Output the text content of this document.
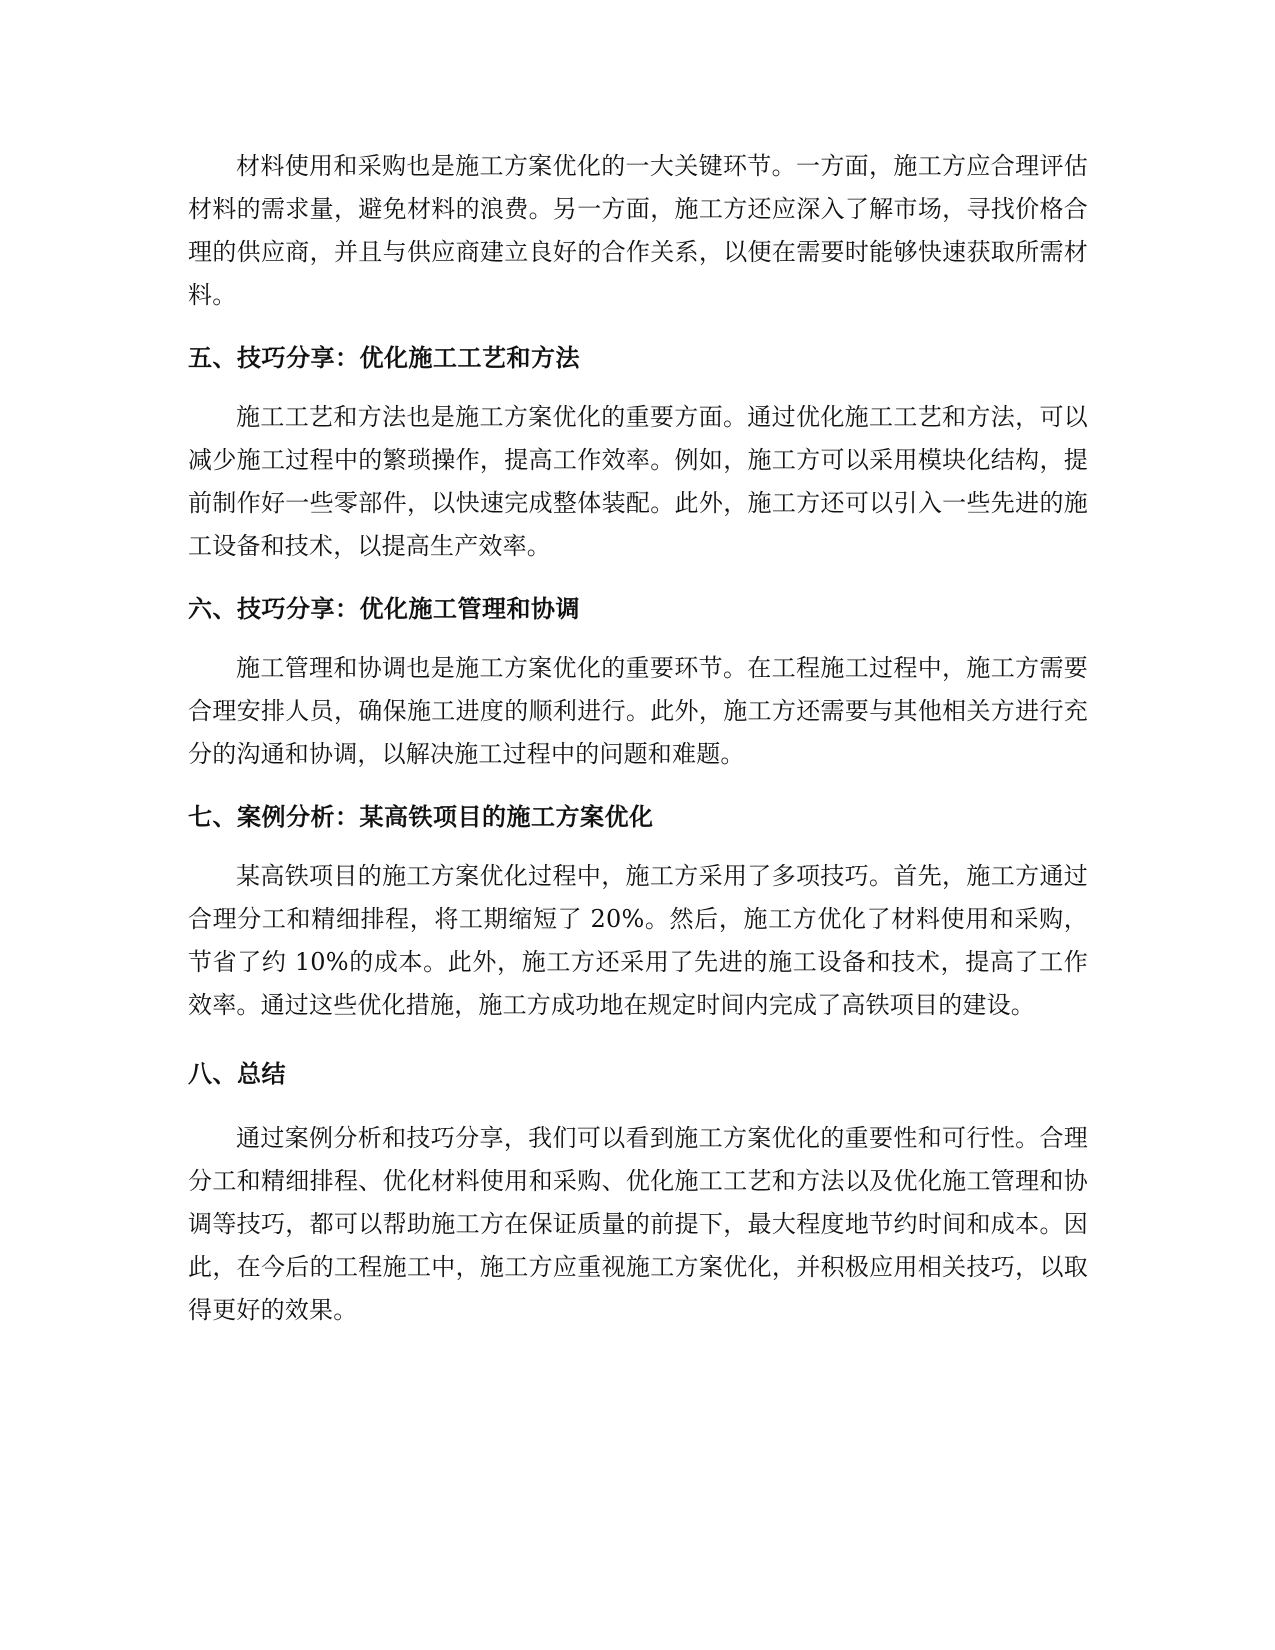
材料使用和采购也是施工方案优化的一大关键环节。一方面，施工方应合理评估材料的需求量，避免材料的浪费。另一方面，施工方还应深入了解市场，寻找价格合理的供应商，并且与供应商建立良好的合作关系，以便在需要时能够快速获取所需材料。

五、技巧分享：优化施工工艺和方法

施工工艺和方法也是施工方案优化的重要方面。通过优化施工工艺和方法，可以减少施工过程中的繁琐操作，提高工作效率。例如，施工方可以采用模块化结构，提前制作好一些零部件，以快速完成整体装配。此外，施工方还可以引入一些先进的施工设备和技术，以提高生产效率。

六、技巧分享：优化施工管理和协调

施工管理和协调也是施工方案优化的重要环节。在工程施工过程中，施工方需要合理安排人员，确保施工进度的顺利进行。此外，施工方还需要与其他相关方进行充分的沟通和协调，以解决施工过程中的问题和难题。

七、案例分析：某高铁项目的施工方案优化

某高铁项目的施工方案优化过程中，施工方采用了多项技巧。首先，施工方通过合理分工和精细排程，将工期缩短了 20%。然后，施工方优化了材料使用和采购，节省了约 10%的成本。此外，施工方还采用了先进的施工设备和技术，提高了工作效率。通过这些优化措施，施工方成功地在规定时间内完成了高铁项目的建设。

八、总结

通过案例分析和技巧分享，我们可以看到施工方案优化的重要性和可行性。合理分工和精细排程、优化材料使用和采购、优化施工工艺和方法以及优化施工管理和协调等技巧，都可以帮助施工方在保证质量的前提下，最大程度地节约时间和成本。因此，在今后的工程施工中，施工方应重视施工方案优化，并积极应用相关技巧，以取得更好的效果。
